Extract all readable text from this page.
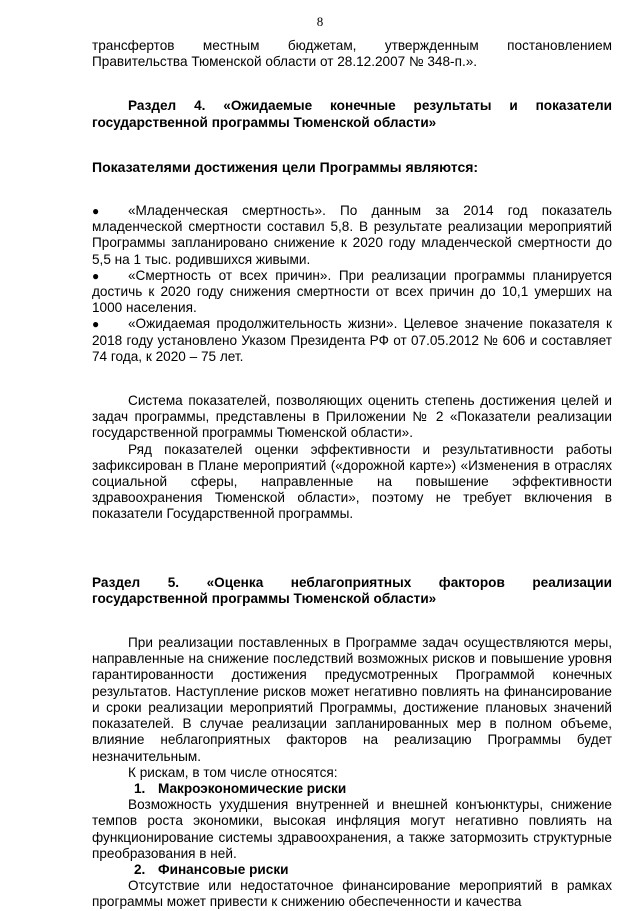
8

трансфертов местным бюджетам, утвержденным постановлением Правительства Тюменской области от 28.12.2007 № 348-п.».

Раздел 4. «Ожидаемые конечные результаты и показатели государственной программы Тюменской области»

Показателями достижения цели Программы являются:

● «Младенческая смертность». По данным за 2014 год показатель младенческой смертности составил 5,8. В результате реализации мероприятий Программы запланировано снижение к 2020 году младенческой смертности до 5,5 на 1 тыс. родившихся живыми.

● «Смертность от всех причин». При реализации программы планируется достичь к 2020 году снижения смертности от всех причин до 10,1 умерших на 1000 населения.

● «Ожидаемая продолжительность жизни». Целевое значение показателя к 2018 году установлено Указом Президента РФ от 07.05.2012 № 606 и составляет 74 года, к 2020 – 75 лет.

Система показателей, позволяющих оценить степень достижения целей и задач программы, представлены в Приложении № 2 «Показатели реализации государственной программы Тюменской области».

Ряд показателей оценки эффективности и результативности работы зафиксирован в Плане мероприятий («дорожной карте») «Изменения в отраслях социальной сферы, направленные на повышение эффективности здравоохранения Тюменской области», поэтому не требует включения в показатели Государственной программы.

Раздел 5. «Оценка неблагоприятных факторов реализации государственной программы Тюменской области»

При реализации поставленных в Программе задач осуществляются меры, направленные на снижение последствий возможных рисков и повышение уровня гарантированности достижения предусмотренных Программой конечных результатов. Наступление рисков может негативно повлиять на финансирование и сроки реализации мероприятий Программы, достижение плановых значений показателей. В случае реализации запланированных мер в полном объеме, влияние неблагоприятных факторов на реализацию Программы будет незначительным.

К рискам, в том числе относятся:

1. Макроэкономические риски

Возможность ухудшения внутренней и внешней конъюнктуры, снижение темпов роста экономики, высокая инфляция могут негативно повлиять на функционирование системы здравоохранения, а также затормозить структурные преобразования в ней.

2. Финансовые риски

Отсутствие или недостаточное финансирование мероприятий в рамках программы может привести к снижению обеспеченности и качества
